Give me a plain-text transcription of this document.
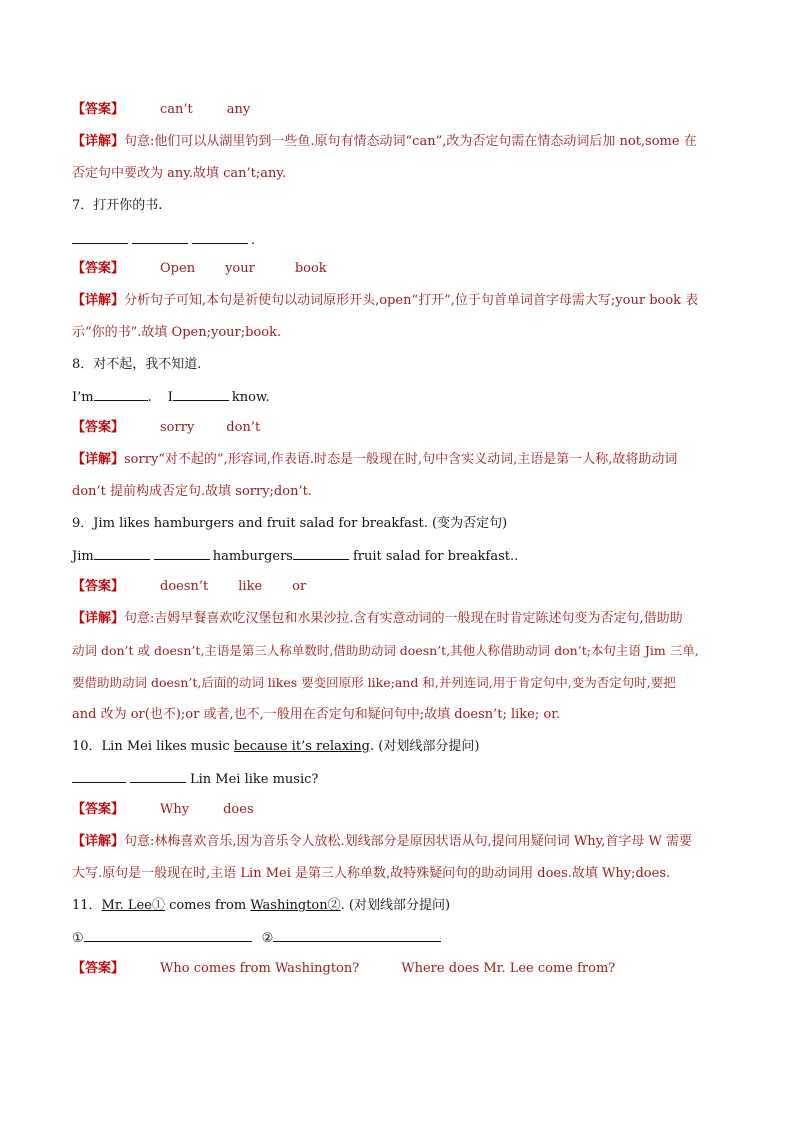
【答案】	can’t	any
【详解】句意:他们可以从湖里钓到一些鱼.原句有情态动词“can”,改为否定句需在情态动词后加 not,some 在
否定句中要改为 any.故填 can’t;any.
7．打开你的书.
.
【答案】	Open your	book
【详解】分析句子可知,本句是祈使句以动词原形开头,open“打开”,位于句首单词首字母需大写;your book 表
示“你的书”.故填 Open;your;book.
8．对不起，我不知道.
I’m	. I	know.
【答案】	sorry don’t
【详解】sorry“对不起的”,形容词,作表语.时态是一般现在时,句中含实义动词,主语是第一人称,故将助动词
don’t 提前构成否定句.故填 sorry;don’t.
9．Jim likes hamburgers and fruit salad for breakfast. (变为否定句)
Jim	hamburgers	fruit salad for breakfast..
【答案】	doesn’t like or
【详解】句意:吉姆早餐喜欢吃汉堡包和水果沙拉.含有实意动词的一般现在时肯定陈述句变为否定句,借助助
动词 don’t 或 doesn’t,主语是第三人称单数时,借助助动词 doesn’t,其他人称借助动词 don’t;本句主语 Jim 三单,
要借助助动词 doesn’t,后面的动词 likes 要变回原形 like;and 和,并列连词,用于肯定句中,变为否定句时,要把
and 改为 or(也不);or 或者,也不,一般用在否定句和疑问句中;故填 doesn’t; like; or.
10．Lin Mei likes music because it’s relaxing. (对划线部分提问)
Lin Mei like music?
【答案】	Why	does
【详解】句意:林梅喜欢音乐,因为音乐令人放松.划线部分是原因状语从句,提问用疑问词 Why,首字母 W 需要
大写.原句是一般现在时,主语 Lin Mei 是第三人称单数,故特殊疑问句的助动词用 does.故填 Why;does.
11．Mr. Lee① comes from Washington②. (对划线部分提问)
①	②
【答案】	Who comes from Washington?	Where does Mr. Lee come from?
